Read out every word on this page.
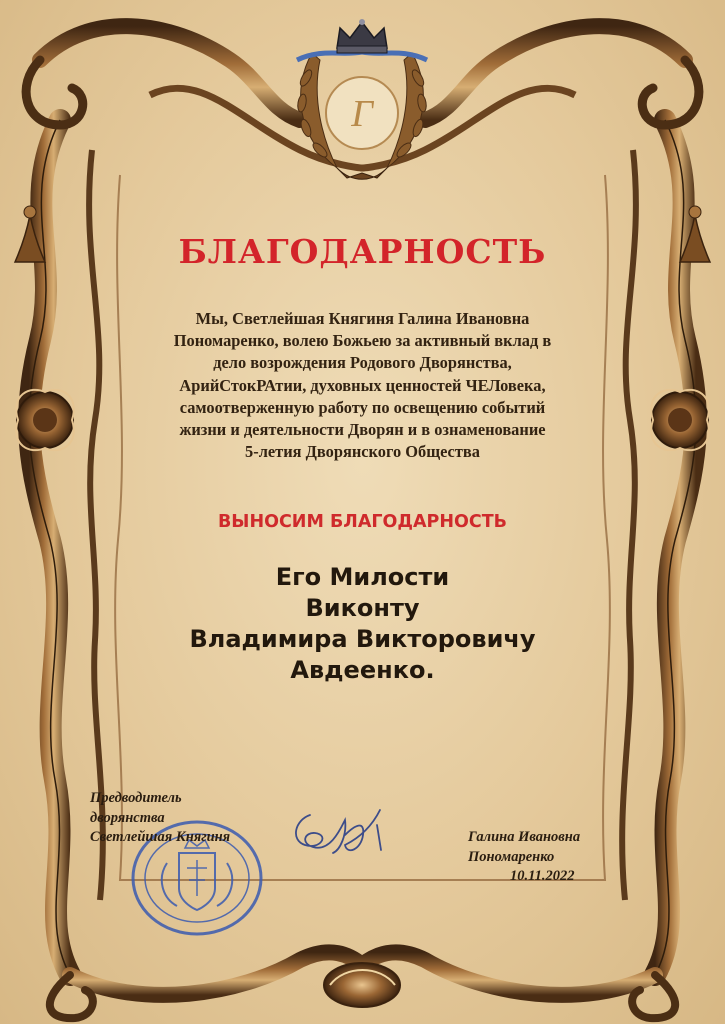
Г
БЛАГОДАРНОСТЬ
Мы, Светлейшая Княгиня Галина Ивановна
Пономаренко, волею Божьею за активный вклад в
дело возрождения Родового Дворянства,
АрийСтокРАтии, духовных ценностей ЧЕЛовека,
самоотверженную работу по освещению событий
жизни и деятельности Дворян и в ознаменование
5-летия Дворянского Общества
ВЫНОСИМ БЛАГОДАРНОСТЬ
Его Милости
Виконту
Владимира Викторовичу
Авдеенко.
Предводитель
дворянства
Светлейшая Княгиня	Галина Ивановна
Пономаренко
10.11.2022
